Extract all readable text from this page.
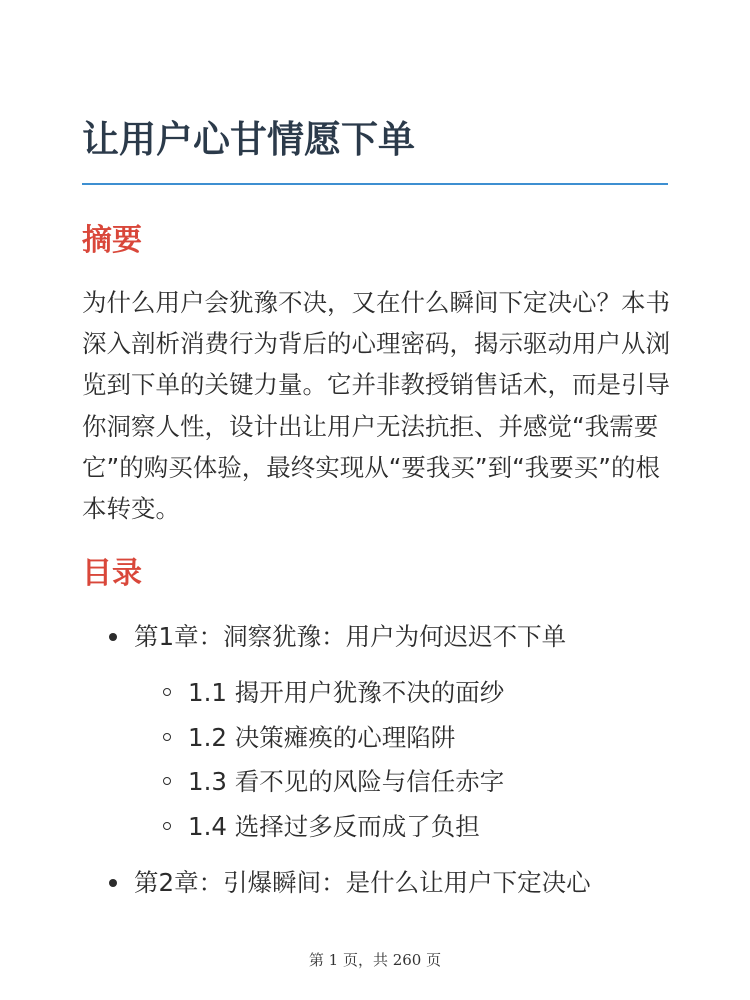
让用户心甘情愿下单
摘要

为什么用户会犹豫不决，又在什么瞬间下定决心？本书深入剖析消费行为背后的心理密码，揭示驱动用户从浏览到下单的关键力量。它并非教授销售话术，而是引导你洞察人性，设计出让用户无法抗拒、并感觉“我需要它”的购买体验，最终实现从“要我买”到“我要买”的根本转变。

目录
第1章：洞察犹豫：用户为何迟迟不下单
1.1 揭开用户犹豫不决的面纱
1.2 决策瘫痪的心理陷阱
1.3 看不见的风险与信任赤字
1.4 选择过多反而成了负担
第2章：引爆瞬间：是什么让用户下定决心
第 1 页，共 260 页
